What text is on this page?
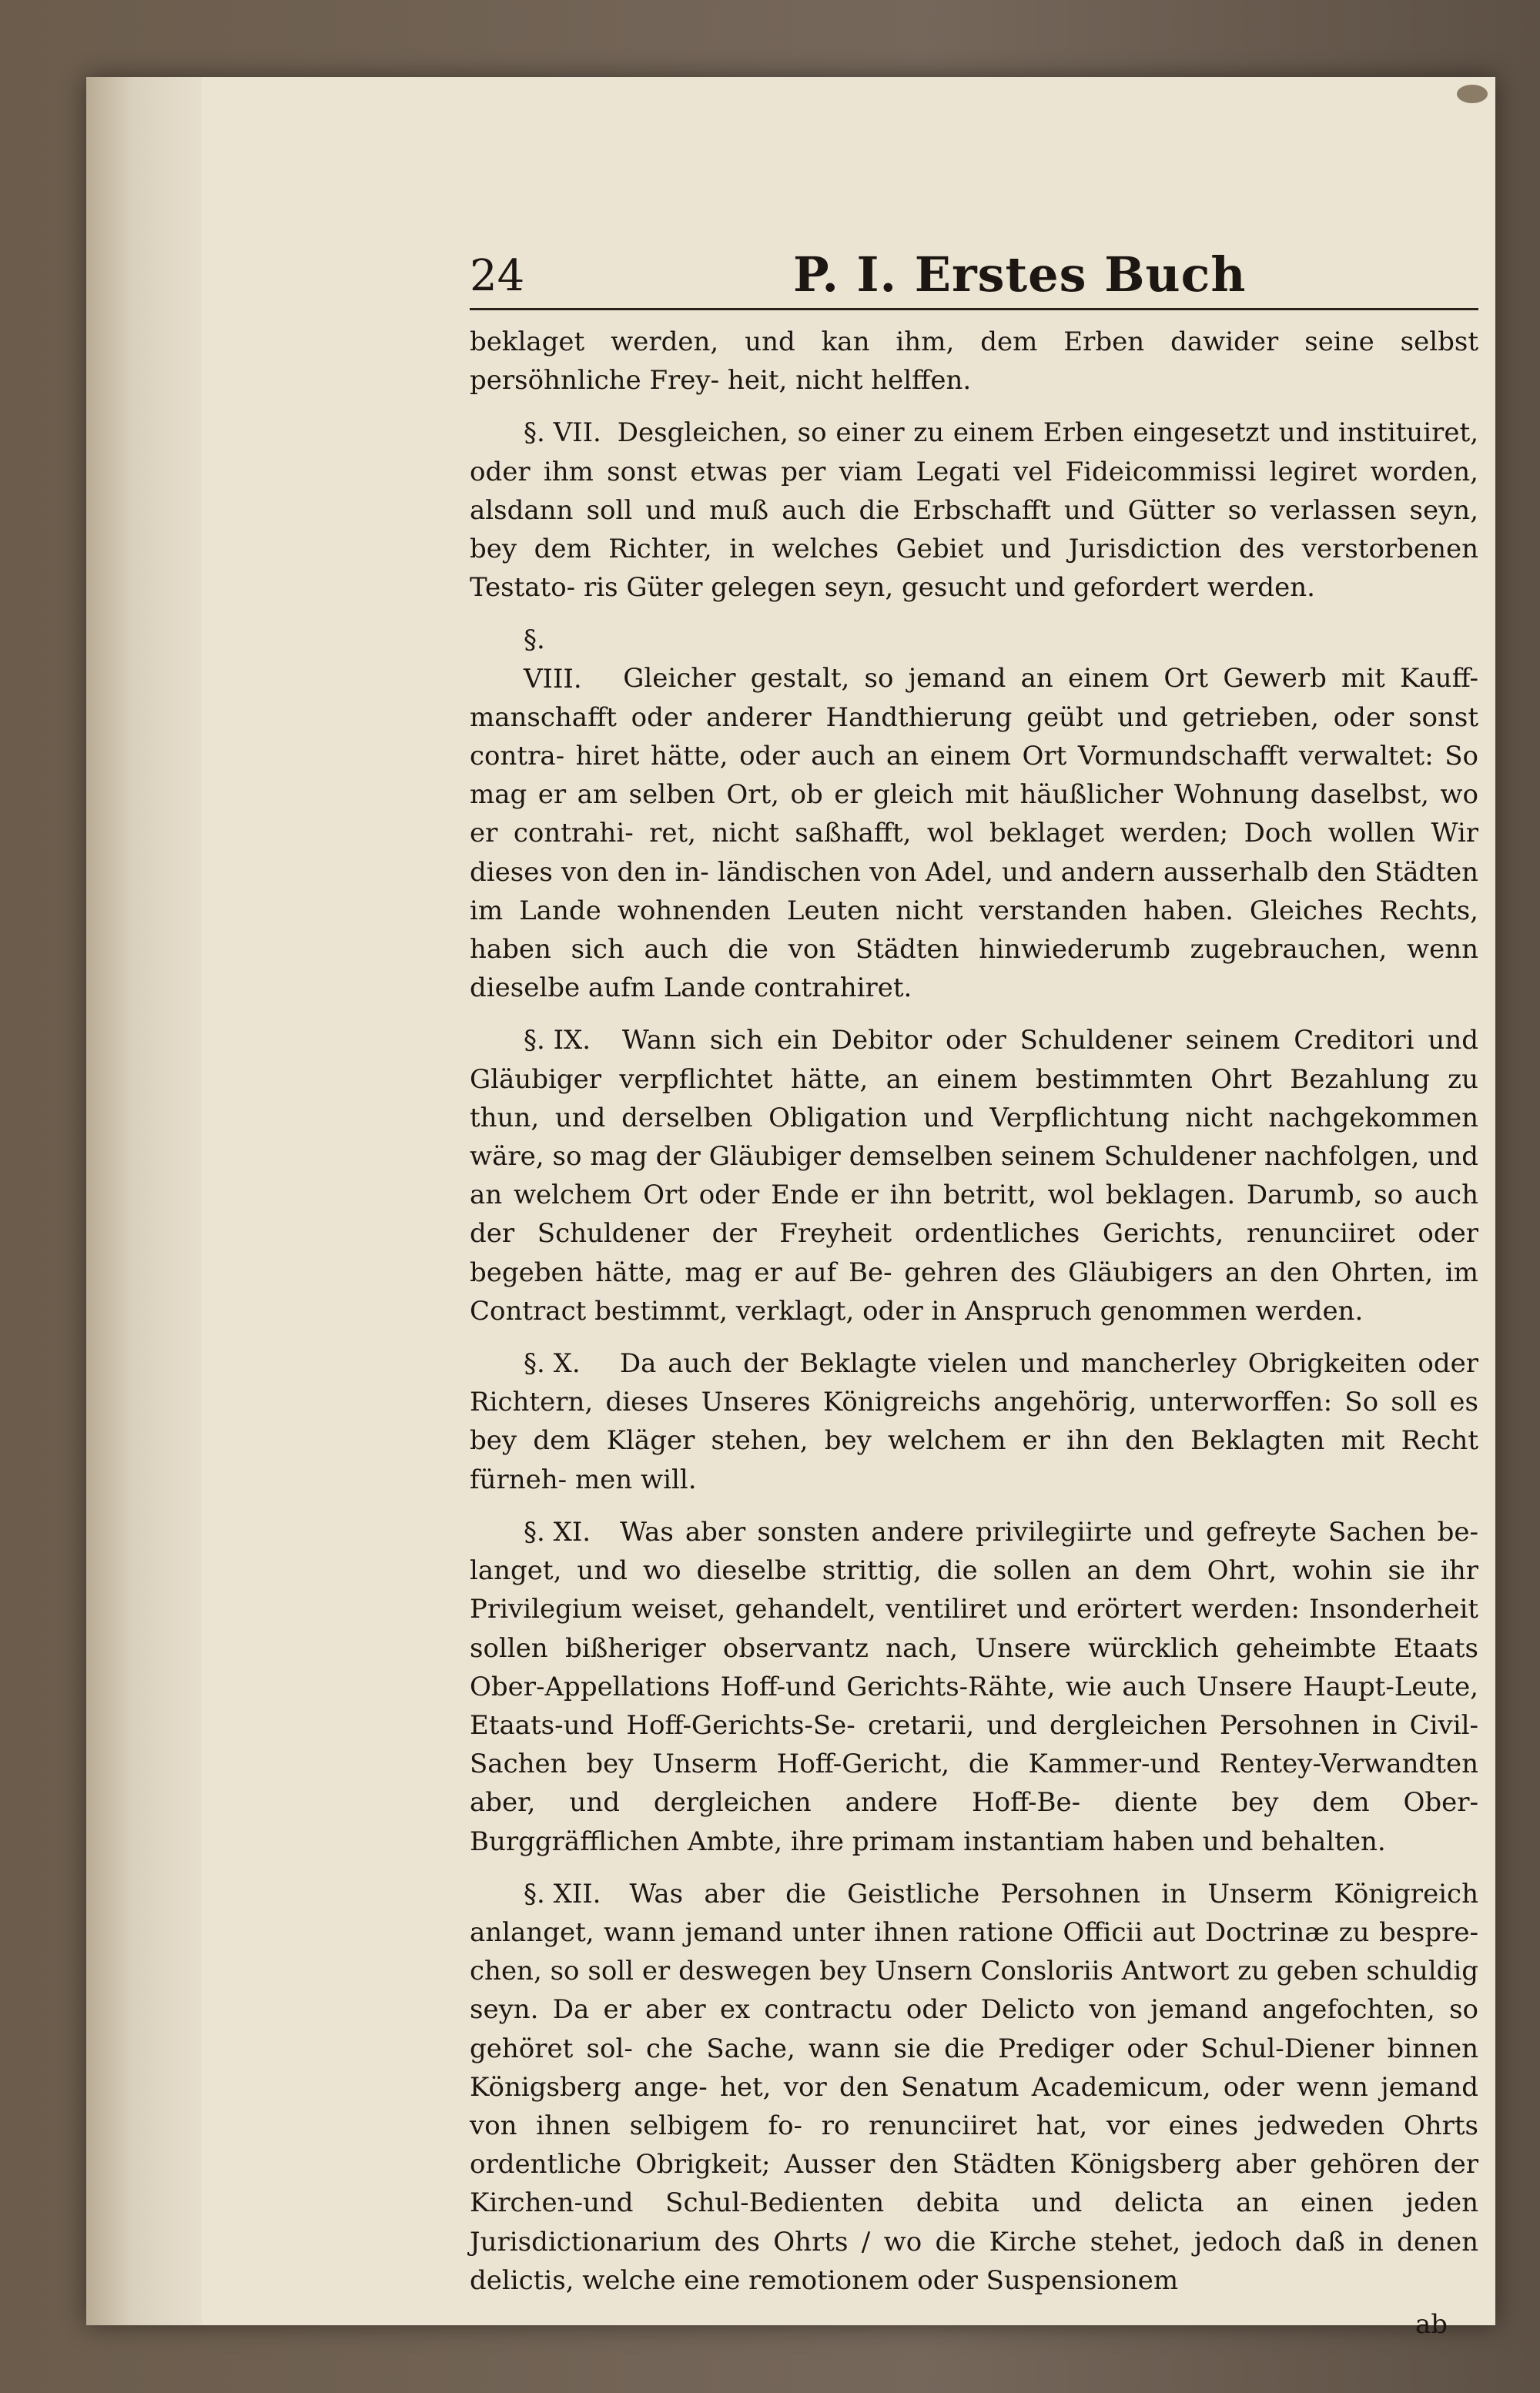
24	P. I. Erstes Buch

beklaget werden, und kan ihm, dem Erben dawider seine selbst persöhnliche Frey- heit, nicht helffen.

§. VII. Desgleichen, so einer zu einem Erben eingesetzt und instituiret, oder ihm sonst etwas per viam Legati vel Fideicommissi legiret worden, alsdann soll und muß auch die Erbschafft und Gütter so verlassen seyn, bey dem Richter, in welches Gebiet und Jurisdiction des verstorbenen Testato- ris Güter gelegen seyn, gesucht und gefordert werden.

§. VIII. Gleicher gestalt, so jemand an einem Ort Gewerb mit Kauff- manschafft oder anderer Handthierung geübt und getrieben, oder sonst contra- hiret hätte, oder auch an einem Ort Vormundschafft verwaltet: So mag er am selben Ort, ob er gleich mit häußlicher Wohnung daselbst, wo er contrahi- ret, nicht saßhafft, wol beklaget werden; Doch wollen Wir dieses von den in- ländischen von Adel, und andern ausserhalb den Städten im Lande wohnenden Leuten nicht verstanden haben. Gleiches Rechts, haben sich auch die von Städten hinwiederumb zugebrauchen, wenn dieselbe aufm Lande contrahiret.

§. IX. Wann sich ein Debitor oder Schuldener seinem Creditori und Gläubiger verpflichtet hätte, an einem bestimmten Ohrt Bezahlung zu thun, und derselben Obligation und Verpflichtung nicht nachgekommen wäre, so mag der Gläubiger demselben seinem Schuldener nachfolgen, und an welchem Ort oder Ende er ihn betritt, wol beklagen. Darumb, so auch der Schuldener der Freyheit ordentliches Gerichts, renunciiret oder begeben hätte, mag er auf Be- gehren des Gläubigers an den Ohrten, im Contract bestimmt, verklagt, oder in Anspruch genommen werden.

§. X. Da auch der Beklagte vielen und mancherley Obrigkeiten oder Richtern, dieses Unseres Königreichs angehörig, unterworffen: So soll es bey dem Kläger stehen, bey welchem er ihn den Beklagten mit Recht fürneh- men will.

§. XI. Was aber sonsten andere privilegiirte und gefreyte Sachen be- langet, und wo dieselbe strittig, die sollen an dem Ohrt, wohin sie ihr Privilegium weiset, gehandelt, ventiliret und erörtert werden: Insonderheit sollen bißheriger observantz nach, Unsere würcklich geheimbte Etaats Ober-Appellations Hoff-und Gerichts-Rähte, wie auch Unsere Haupt-Leute, Etaats-und Hoff-Gerichts-Se- cretarii, und dergleichen Persohnen in Civil-Sachen bey Unserm Hoff-Gericht, die Kammer-und Rentey-Verwandten aber, und dergleichen andere Hoff-Be- diente bey dem Ober-Burggräfflichen Ambte, ihre primam instantiam haben und behalten.

§. XII. Was aber die Geistliche Persohnen in Unserm Königreich anlanget, wann jemand unter ihnen ratione Officii aut Doctrinæ zu bespre- chen, so soll er deswegen bey Unsern Consloriis Antwort zu geben schuldig seyn. Da er aber ex contractu oder Delicto von jemand angefochten, so gehöret sol- che Sache, wann sie die Prediger oder Schul-Diener binnen Königsberg ange- het, vor den Senatum Academicum, oder wenn jemand von ihnen selbigem fo- ro renunciiret hat, vor eines jedweden Ohrts ordentliche Obrigkeit; Ausser den Städten Königsberg aber gehören der Kirchen-und Schul-Bedienten debita und delicta an einen jeden Jurisdictionarium des Ohrts / wo die Kirche stehet, jedoch daß in denen delictis, welche eine remotionem oder Suspensionem

ab
